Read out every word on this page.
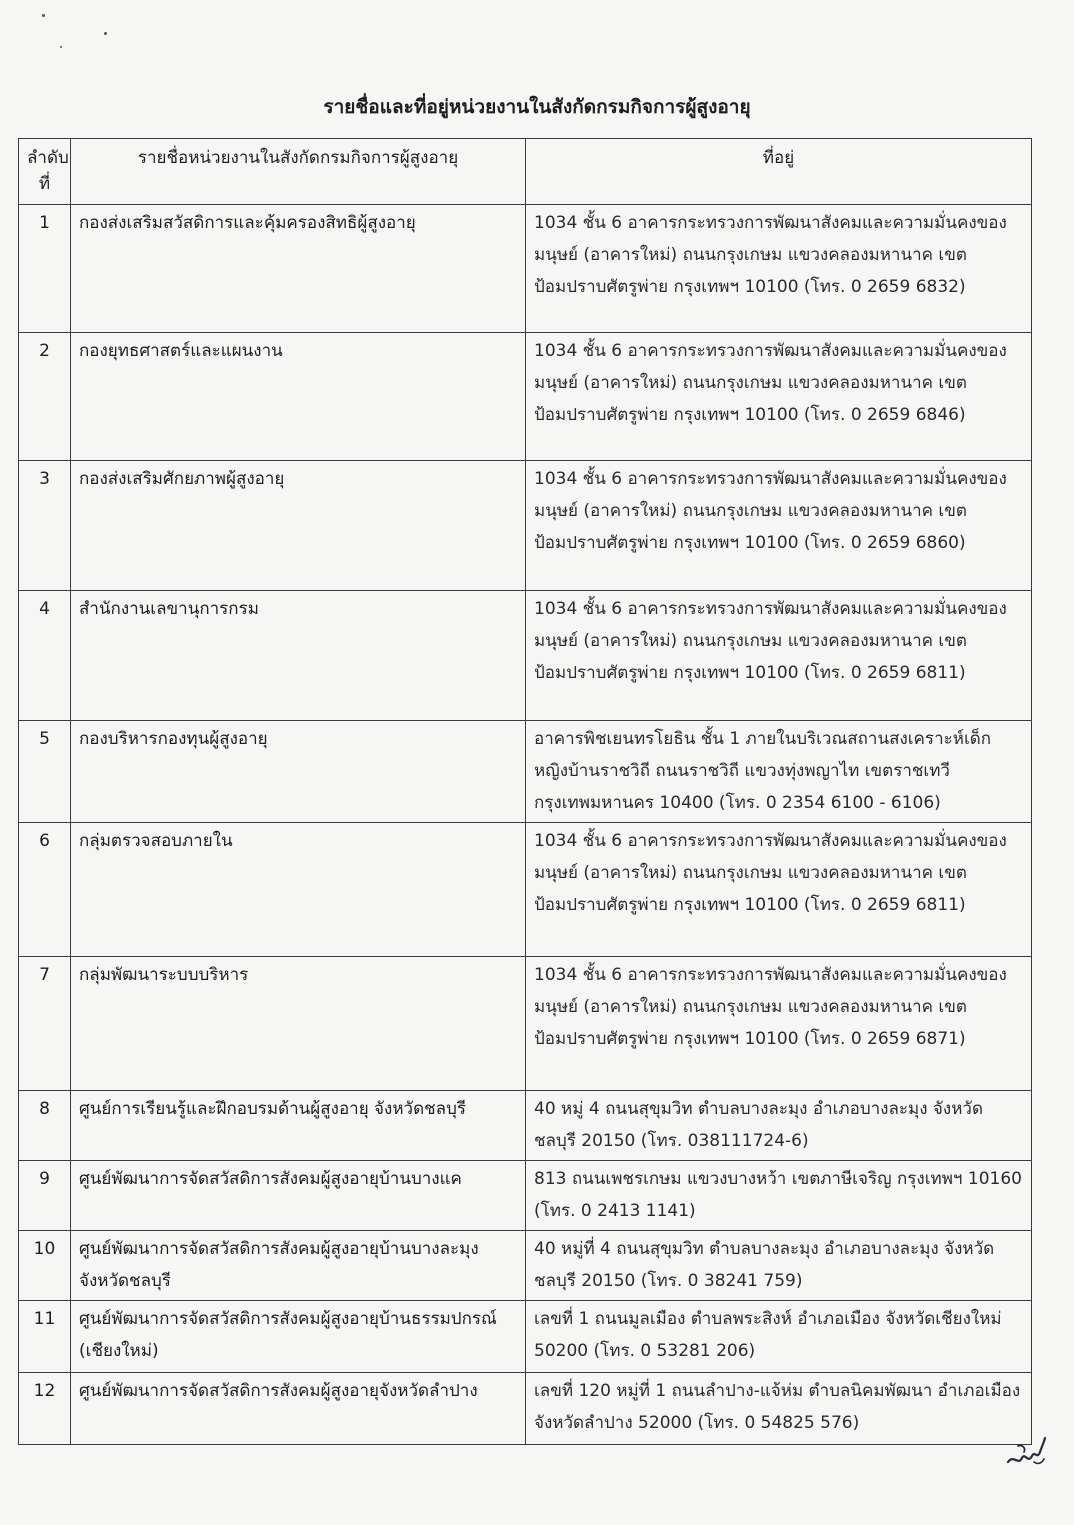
รายชื่อและที่อยู่หน่วยงานในสังกัดกรมกิจการผู้สูงอายุ
ลำดับที่	รายชื่อหน่วยงานในสังกัดกรมกิจการผู้สูงอายุ	ที่อยู่
1	กองส่งเสริมสวัสดิการและคุ้มครองสิทธิผู้สูงอายุ	1034 ชั้น 6 อาคารกระทรวงการพัฒนาสังคมและความมั่นคงของมนุษย์ (อาคารใหม่) ถนนกรุงเกษม แขวงคลองมหานาค เขตป้อมปราบศัตรูพ่าย กรุงเทพฯ 10100 (โทร. 0 2659 6832)
2	กองยุทธศาสตร์และแผนงาน	1034 ชั้น 6 อาคารกระทรวงการพัฒนาสังคมและความมั่นคงของมนุษย์ (อาคารใหม่) ถนนกรุงเกษม แขวงคลองมหานาค เขตป้อมปราบศัตรูพ่าย กรุงเทพฯ 10100 (โทร. 0 2659 6846)
3	กองส่งเสริมศักยภาพผู้สูงอายุ	1034 ชั้น 6 อาคารกระทรวงการพัฒนาสังคมและความมั่นคงของมนุษย์ (อาคารใหม่) ถนนกรุงเกษม แขวงคลองมหานาค เขตป้อมปราบศัตรูพ่าย กรุงเทพฯ 10100 (โทร. 0 2659 6860)
4	สำนักงานเลขานุการกรม	1034 ชั้น 6 อาคารกระทรวงการพัฒนาสังคมและความมั่นคงของมนุษย์ (อาคารใหม่) ถนนกรุงเกษม แขวงคลองมหานาค เขตป้อมปราบศัตรูพ่าย กรุงเทพฯ 10100 (โทร. 0 2659 6811)
5	กองบริหารกองทุนผู้สูงอายุ	อาคารพิชเยนทรโยธิน ชั้น 1 ภายในบริเวณสถานสงเคราะห์เด็กหญิงบ้านราชวิถี ถนนราชวิถี แขวงทุ่งพญาไท เขตราชเทวี กรุงเทพมหานคร 10400 (โทร. 0 2354 6100 - 6106)
6	กลุ่มตรวจสอบภายใน	1034 ชั้น 6 อาคารกระทรวงการพัฒนาสังคมและความมั่นคงของมนุษย์ (อาคารใหม่) ถนนกรุงเกษม แขวงคลองมหานาค เขตป้อมปราบศัตรูพ่าย กรุงเทพฯ 10100 (โทร. 0 2659 6811)
7	กลุ่มพัฒนาระบบบริหาร	1034 ชั้น 6 อาคารกระทรวงการพัฒนาสังคมและความมั่นคงของมนุษย์ (อาคารใหม่) ถนนกรุงเกษม แขวงคลองมหานาค เขตป้อมปราบศัตรูพ่าย กรุงเทพฯ 10100 (โทร. 0 2659 6871)
8	ศูนย์การเรียนรู้และฝึกอบรมด้านผู้สูงอายุ จังหวัดชลบุรี	40 หมู่ 4 ถนนสุขุมวิท ตำบลบางละมุง อำเภอบางละมุง จังหวัดชลบุรี 20150 (โทร. 038111724-6)
9	ศูนย์พัฒนาการจัดสวัสดิการสังคมผู้สูงอายุบ้านบางแค	813 ถนนเพชรเกษม แขวงบางหว้า เขตภาษีเจริญ กรุงเทพฯ 10160 (โทร. 0 2413 1141)
10	ศูนย์พัฒนาการจัดสวัสดิการสังคมผู้สูงอายุบ้านบางละมุง จังหวัดชลบุรี	40 หมู่ที่ 4 ถนนสุขุมวิท ตำบลบางละมุง อำเภอบางละมุง จังหวัดชลบุรี 20150 (โทร. 0 38241 759)
11	ศูนย์พัฒนาการจัดสวัสดิการสังคมผู้สูงอายุบ้านธรรมปกรณ์ (เชียงใหม่)	เลขที่ 1 ถนนมูลเมือง ตำบลพระสิงห์ อำเภอเมือง จังหวัดเชียงใหม่ 50200 (โทร. 0 53281 206)
12	ศูนย์พัฒนาการจัดสวัสดิการสังคมผู้สูงอายุจังหวัดลำปาง	เลขที่ 120 หมู่ที่ 1 ถนนลำปาง-แจ้ห่ม ตำบลนิคมพัฒนา อำเภอเมือง จังหวัดลำปาง 52000 (โทร. 0 54825 576)
